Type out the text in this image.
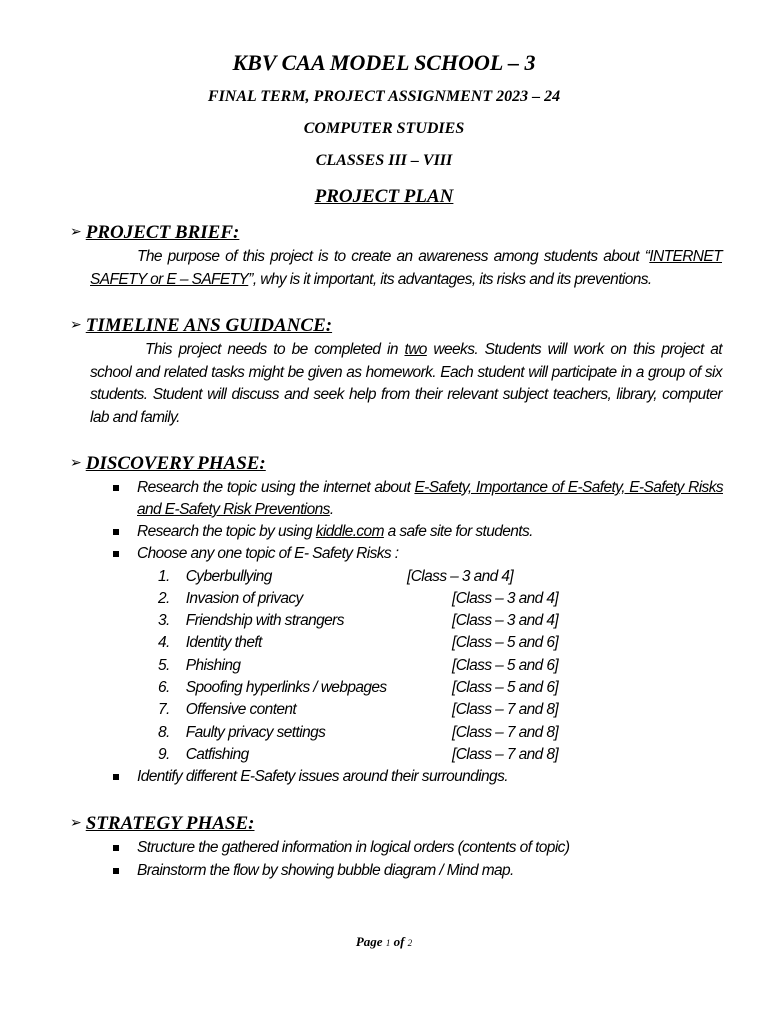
KBV CAA MODEL SCHOOL – 3
FINAL TERM, PROJECT ASSIGNMENT 2023 – 24
COMPUTER STUDIES
CLASSES III – VIII
PROJECT PLAN
➢ PROJECT BRIEF:
The purpose of this project is to create an awareness among students about “INTERNET SAFETY or E – SAFETY”, why is it important, its advantages, its risks and its preventions.
➢ TIMELINE ANS GUIDANCE:
This project needs to be completed in two weeks. Students will work on this project at school and related tasks might be given as homework. Each student will participate in a group of six students. Student will discuss and seek help from their relevant subject teachers, library, computer lab and family.
➢ DISCOVERY PHASE:
Research the topic using the internet about E-Safety, Importance of E-Safety, E-Safety Risks and E-Safety Risk Preventions.
Research the topic by using kiddle.com a safe site for students.
Choose any one topic of E- Safety Risks :
1. Cyberbullying	[Class – 3 and 4]
2. Invasion of privacy	[Class – 3 and 4]
3. Friendship with strangers	[Class – 3 and 4]
4. Identity theft	[Class – 5 and 6]
5. Phishing	[Class – 5 and 6]
6. Spoofing hyperlinks / webpages	[Class – 5 and 6]
7. Offensive content	[Class – 7 and 8]
8. Faulty privacy settings	[Class – 7 and 8]
9. Catfishing	[Class – 7 and 8]
Identify different E-Safety issues around their surroundings.
➢ STRATEGY PHASE:
Structure the gathered information in logical orders (contents of topic)
Brainstorm the flow by showing bubble diagram / Mind map.
Page 1 of 2
